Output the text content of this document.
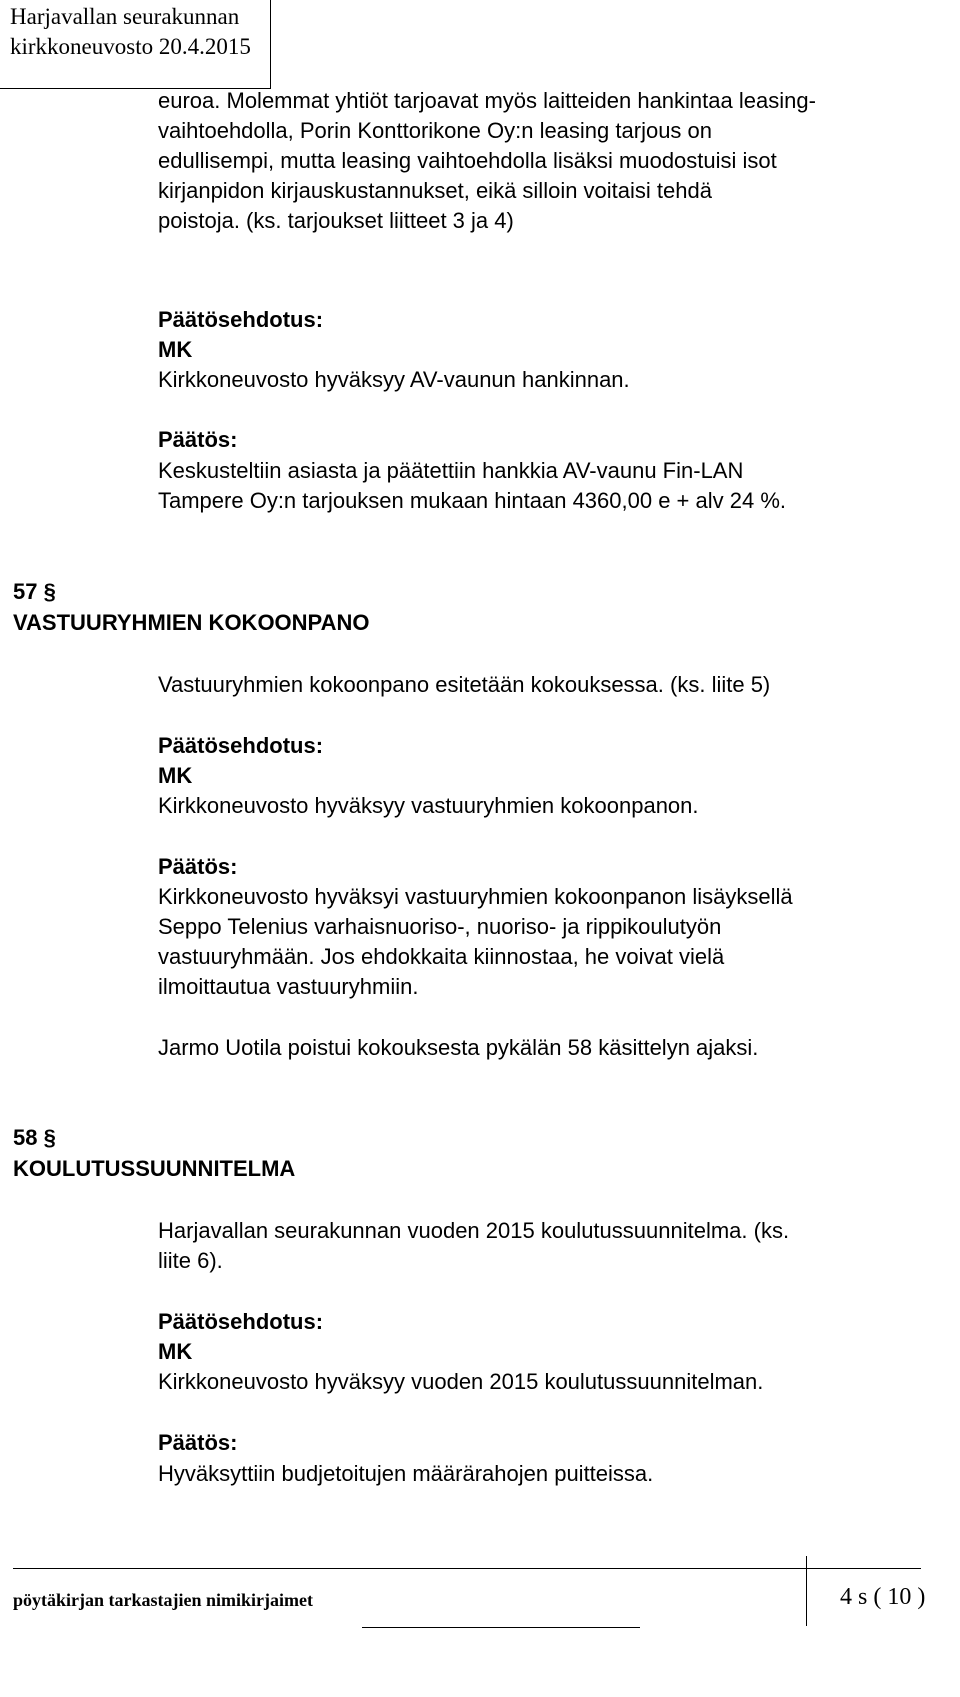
Harjavallan seurakunnan
kirkkoneuvosto 20.4.2015
euroa. Molemmat yhtiöt tarjoavat myös laitteiden hankintaa leasing-
vaihtoehdolla, Porin Konttorikone Oy:n leasing tarjous on
edullisempi, mutta leasing vaihtoehdolla lisäksi muodostuisi isot
kirjanpidon kirjauskustannukset, eikä silloin voitaisi tehdä
poistoja. (ks. tarjoukset liitteet 3 ja 4)
Päätösehdotus:
MK
Kirkkoneuvosto hyväksyy AV-vaunun hankinnan.
Päätös:
Keskusteltiin asiasta ja päätettiin hankkia AV-vaunu Fin-LAN
Tampere Oy:n tarjouksen mukaan hintaan 4360,00 e + alv 24 %.
57 §
VASTUURYHMIEN KOKOONPANO
Vastuuryhmien kokoonpano esitetään kokouksessa. (ks. liite 5)
Päätösehdotus:
MK
Kirkkoneuvosto hyväksyy vastuuryhmien kokoonpanon.
Päätös:
Kirkkoneuvosto hyväksyi vastuuryhmien kokoonpanon lisäyksellä
Seppo Telenius varhaisnuoriso-, nuoriso- ja rippikoulutyön
vastuuryhmään. Jos ehdokkaita kiinnostaa, he voivat vielä
ilmoittautua vastuuryhmiin.
Jarmo Uotila poistui kokouksesta pykälän 58 käsittelyn ajaksi.
58 §
KOULUTUSSUUNNITELMA
Harjavallan seurakunnan vuoden 2015 koulutussuunnitelma. (ks.
liite 6).
Päätösehdotus:
MK
Kirkkoneuvosto hyväksyy vuoden 2015 koulutussuunnitelman.
Päätös:
Hyväksyttiin budjetoitujen määrärahojen puitteissa.
pöytäkirjan tarkastajien nimikirjaimet	4 s ( 10 )
